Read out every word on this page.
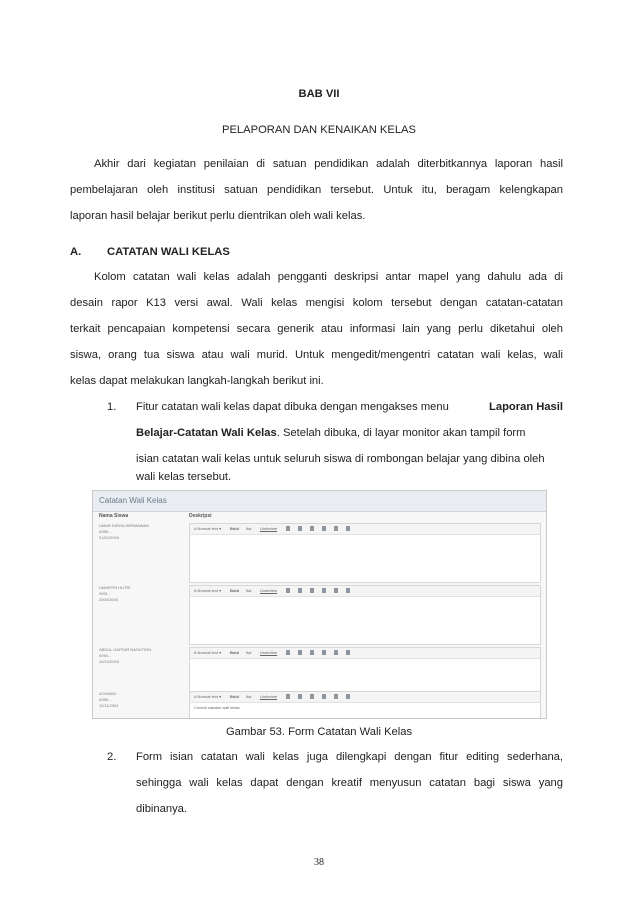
BAB VII
PELAPORAN DAN KENAIKAN KELAS
Akhir dari kegiatan penilaian di satuan pendidikan adalah diterbitkannya laporan hasil
pembelajaran oleh institusi satuan pendidikan tersebut. Untuk itu, beragam kelengkapan
laporan hasil belajar berikut perlu dientrikan oleh wali kelas.
A. CATATAN WALI KELAS
Kolom catatan wali kelas adalah pengganti deskripsi antar mapel yang dahulu ada di
desain rapor K13 versi awal. Wali kelas mengisi kolom tersebut dengan catatan-catatan
terkait pencapaian kompetensi secara generik atau informasi lain yang perlu diketahui oleh
siswa, orang tua siswa atau wali murid. Untuk mengedit/mengentri catatan wali kelas, wali
kelas dapat melakukan langkah-langkah berikut ini.
1. Fitur catatan wali kelas dapat dibuka dengan mengakses menu	Laporan Hasil
Belajar-Catatan Wali Kelas. Setelah dibuka, di layar monitor akan tampil form
isian catatan wali kelas untuk seluruh siswa di rombongan belajar yang dibina oleh
Catatan Wali Kelas
Nama Siswa	Deskripsi
UMAR DIRGA HERMAWAN
0089...
01/01/2004
A Normal text ▾ Bold Ital Underline
UMARTIN HUTRI
0091...
2004/2005
A Normal text ▾ Bold Ital Underline
ABDUL GAFFAR NASUTION
0090...
10/10/2003
A Normal text ▾ Bold Ital Underline
ACHMAD
0089...
11/11/2004
A Normal text ▾ Bold Ital Underline
Contoh catatan wali kelas
Gambar 53. Form Catatan Wali Kelas
2. Form isian catatan wali kelas juga dilengkapi dengan fitur editing sederhana,
sehingga wali kelas dapat dengan kreatif menyusun catatan bagi siswa yang
dibinanya.
38
wali kelas tersebut.
